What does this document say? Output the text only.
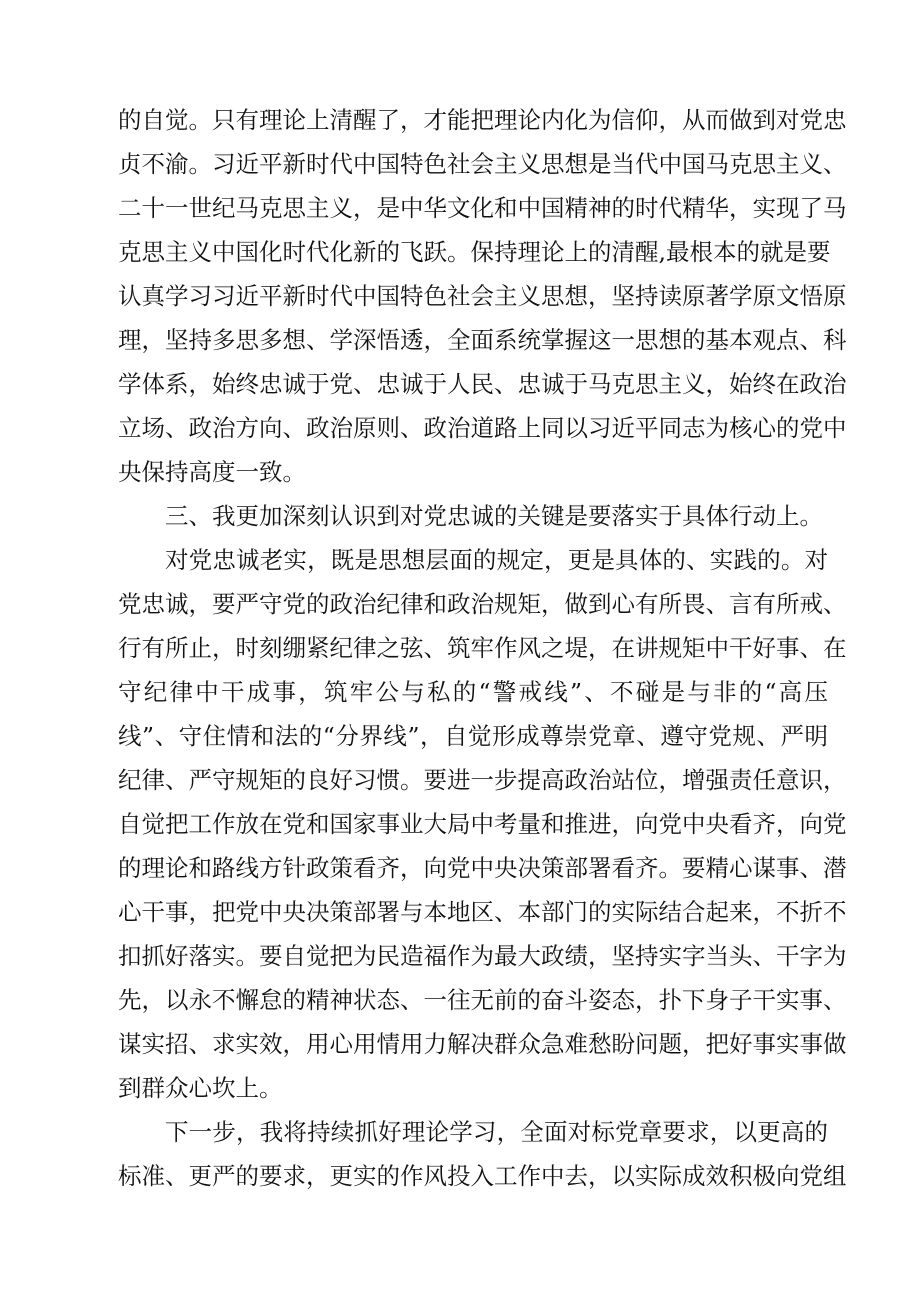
的自觉。只有理论上清醒了，才能把理论内化为信仰，从而做到对党忠
贞不渝。习近平新时代中国特色社会主义思想是当代中国马克思主义、
二十一世纪马克思主义，是中华文化和中国精神的时代精华，实现了马
克思主义中国化时代化新的飞跃。保持理论上的清醒,最根本的就是要
认真学习习近平新时代中国特色社会主义思想，坚持读原著学原文悟原
理，坚持多思多想、学深悟透，全面系统掌握这一思想的基本观点、科
学体系，始终忠诚于党、忠诚于人民、忠诚于马克思主义，始终在政治
立场、政治方向、政治原则、政治道路上同以习近平同志为核心的党中
央保持高度一致。
三、我更加深刻认识到对党忠诚的关键是要落实于具体行动上。
对党忠诚老实，既是思想层面的规定，更是具体的、实践的。对
党忠诚，要严守党的政治纪律和政治规矩，做到心有所畏、言有所戒、
行有所止，时刻绷紧纪律之弦、筑牢作风之堤，在讲规矩中干好事、在
守纪律中干成事，筑牢公与私的“警戒线”、不碰是与非的“高压
线”、守住情和法的“分界线”，自觉形成尊崇党章、遵守党规、严明
纪律、严守规矩的良好习惯。要进一步提高政治站位，增强责任意识，
自觉把工作放在党和国家事业大局中考量和推进，向党中央看齐，向党
的理论和路线方针政策看齐，向党中央决策部署看齐。要精心谋事、潜
心干事，把党中央决策部署与本地区、本部门的实际结合起来，不折不
扣抓好落实。要自觉把为民造福作为最大政绩，坚持实字当头、干字为
先，以永不懈怠的精神状态、一往无前的奋斗姿态，扑下身子干实事、
谋实招、求实效，用心用情用力解决群众急难愁盼问题，把好事实事做
到群众心坎上。
下一步，我将持续抓好理论学习，全面对标党章要求，以更高的
标准、更严的要求，更实的作风投入工作中去，以实际成效积极向党组
